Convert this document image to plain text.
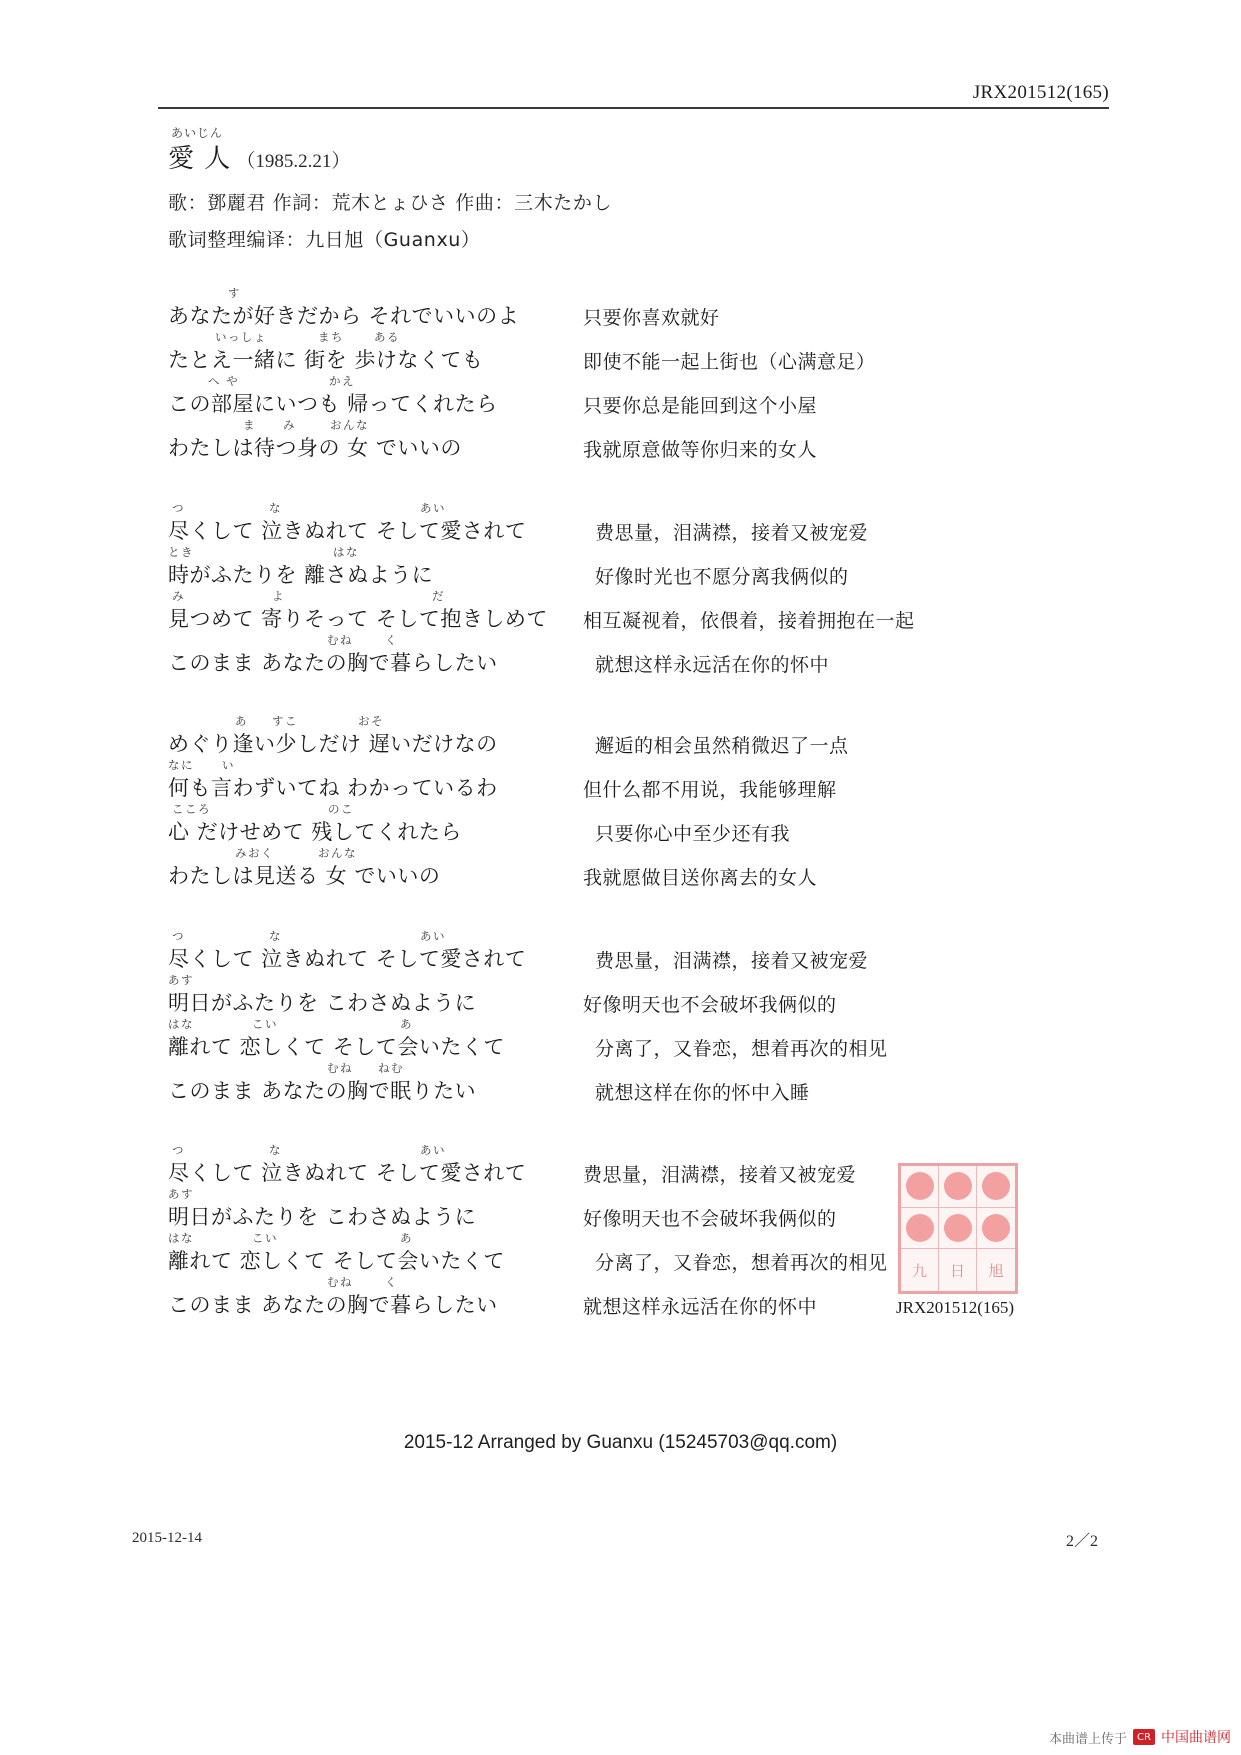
JRX201512(165)
あいじん
愛 人 （1985.2.21）
歌：鄧麗君 作詞：荒木とょひさ 作曲：三木たかし
歌词整理编译：九日旭（Guanxu）
す
あなたが好きだから それでいいのよ	只要你喜欢就好
いっしょ	まち	ある
たとえ一緒に 街を 歩けなくても	即使不能一起上街也（心满意足）
へ や	かえ
この部屋にいつも 帰ってくれたら	只要你总是能回到这个小屋
ま み	おんな
わたしは待つ身の 女 でいいの	我就原意做等你归来的女人
つ	な	あい
尽くして 泣きぬれて そして愛されて	费思量，泪满襟，接着又被宠爱
とき	はな
時がふたりを 離さぬように	好像时光也不愿分离我俩似的
み	よ	だ
見つめて 寄りそって そして抱きしめて 相互凝视着，依偎着，接着拥抱在一起
むね	く
このまま あなたの胸で暮らしたい	就想这样永远活在你的怀中
あ すこ	おそ
めぐり逢い少しだけ 遅いだけなの	邂逅的相会虽然稍微迟了一点
なに い
何も言わずいてね わかっているわ	但什么都不用说，我能够理解
こころ	のこ
心 だけせめて 残してくれたら	只要你心中至少还有我
みおく	おんな
わたしは見送る 女 でいいの	我就愿做目送你离去的女人
つ	な	あい
尽くして 泣きぬれて そして愛されて	费思量，泪满襟，接着又被宠爱
あす
明日がふたりを こわさぬように	好像明天也不会破坏我俩似的
はな	こい	あ
離れて 恋しくて そして会いたくて	分离了，又眷恋，想着再次的相见
むね ねむ
このまま あなたの胸で眠りたい	就想这样在你的怀中入睡
つ	な	あい
尽くして 泣きぬれて そして愛されて	费思量，泪满襟，接着又被宠爱
あす
明日がふたりを こわさぬように	好像明天也不会破坏我俩似的
はな	こい	あ
離れて 恋しくて そして会いたくて	分离了，又眷恋，想着再次的相见
むね	く
このまま あなたの胸で暮らしたい	就想这样永远活在你的怀中
九 日 旭
JRX201512(165)
2015-12 Arranged by Guanxu (15245703@qq.com)
2015-12-14	2／2
本曲谱上传于	CR 中国曲谱网
